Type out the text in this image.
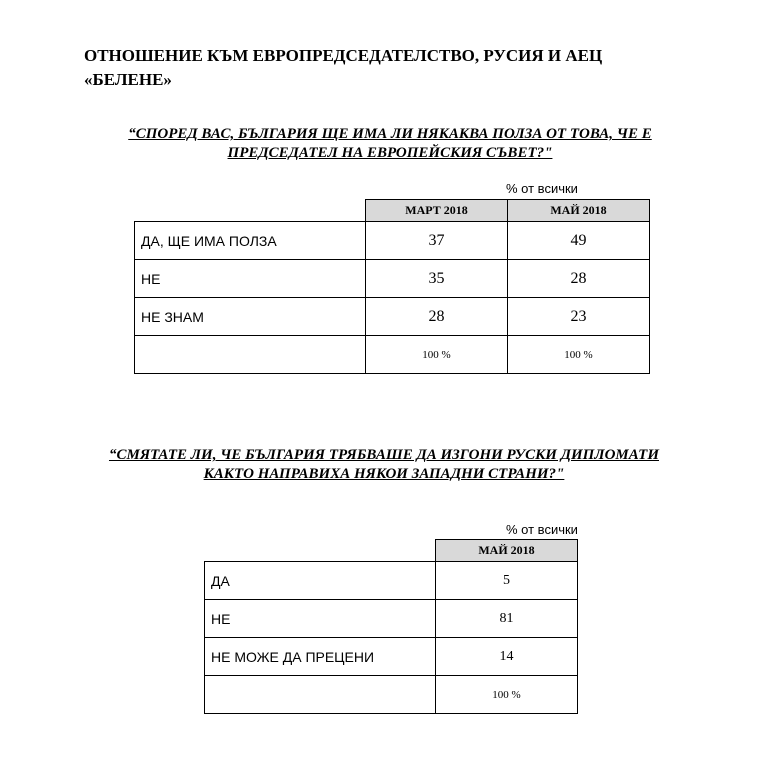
ОТНОШЕНИЕ КЪМ ЕВРОПРЕДСЕДАТЕЛСТВО, РУСИЯ И АЕЦ «БЕЛЕНЕ»
“СПОРЕД ВАС, БЪЛГАРИЯ ЩЕ ИМА ЛИ НЯКАКВА ПОЛЗА ОТ ТОВА, ЧЕ Е ПРЕДСЕДАТЕЛ НА ЕВРОПЕЙСКИЯ СЪВЕТ?"
% от всички
	МАРТ 2018	МАЙ 2018
ДА, ЩЕ ИМА ПОЛЗА	37	49
НЕ	35	28
НЕ ЗНАМ	28	23
	100 %	100 %
“СМЯТАТЕ ЛИ, ЧЕ БЪЛГАРИЯ ТРЯБВАШЕ ДА ИЗГОНИ РУСКИ ДИПЛОМАТИ КАКТО НАПРАВИХА НЯКОИ ЗАПАДНИ СТРАНИ?"
% от всички
	МАЙ 2018
ДА	5
НЕ	81
НЕ МОЖЕ ДА ПРЕЦЕНИ	14
	100 %
